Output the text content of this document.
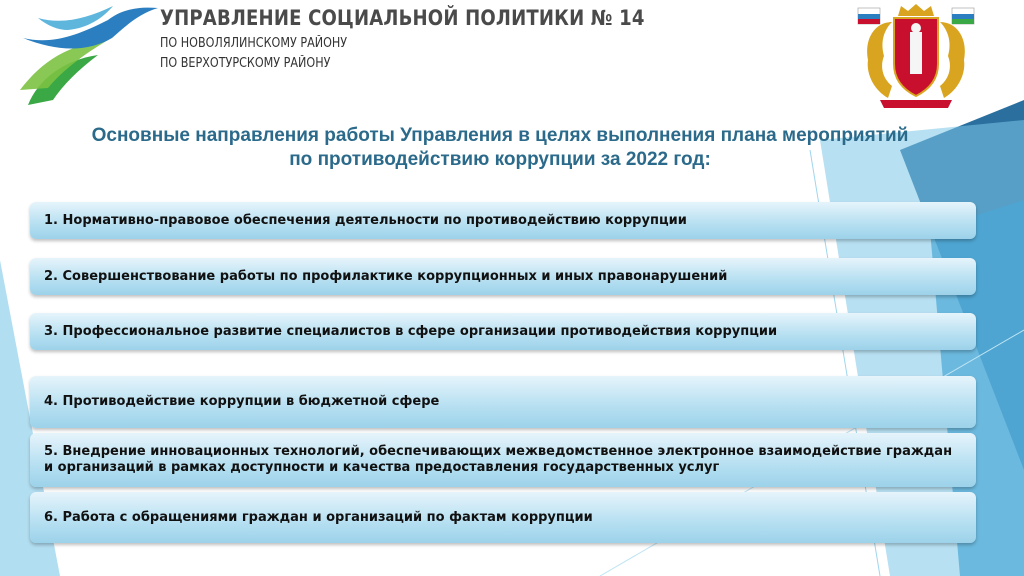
УПРАВЛЕНИЕ СОЦИАЛЬНОЙ ПОЛИТИКИ № 14
ПО НОВОЛЯЛИНСКОМУ РАЙОНУ
ПО ВЕРХОТУРСКОМУ РАЙОНУ
Основные направления работы Управления в целях выполнения плана мероприятий
по противодействию коррупции за 2022 год:
1. Нормативно-правовое обеспечения деятельности по противодействию коррупции
2. Совершенствование работы по профилактике коррупционных и иных правонарушений
3. Профессиональное развитие специалистов в сфере организации противодействия коррупции
4. Противодействие коррупции в бюджетной сфере
5. Внедрение инновационных технологий, обеспечивающих межведомственное электронное взаимодействие граждан и организаций в рамках доступности и качества предоставления государственных услуг
6. Работа с обращениями граждан и организаций по фактам коррупции
